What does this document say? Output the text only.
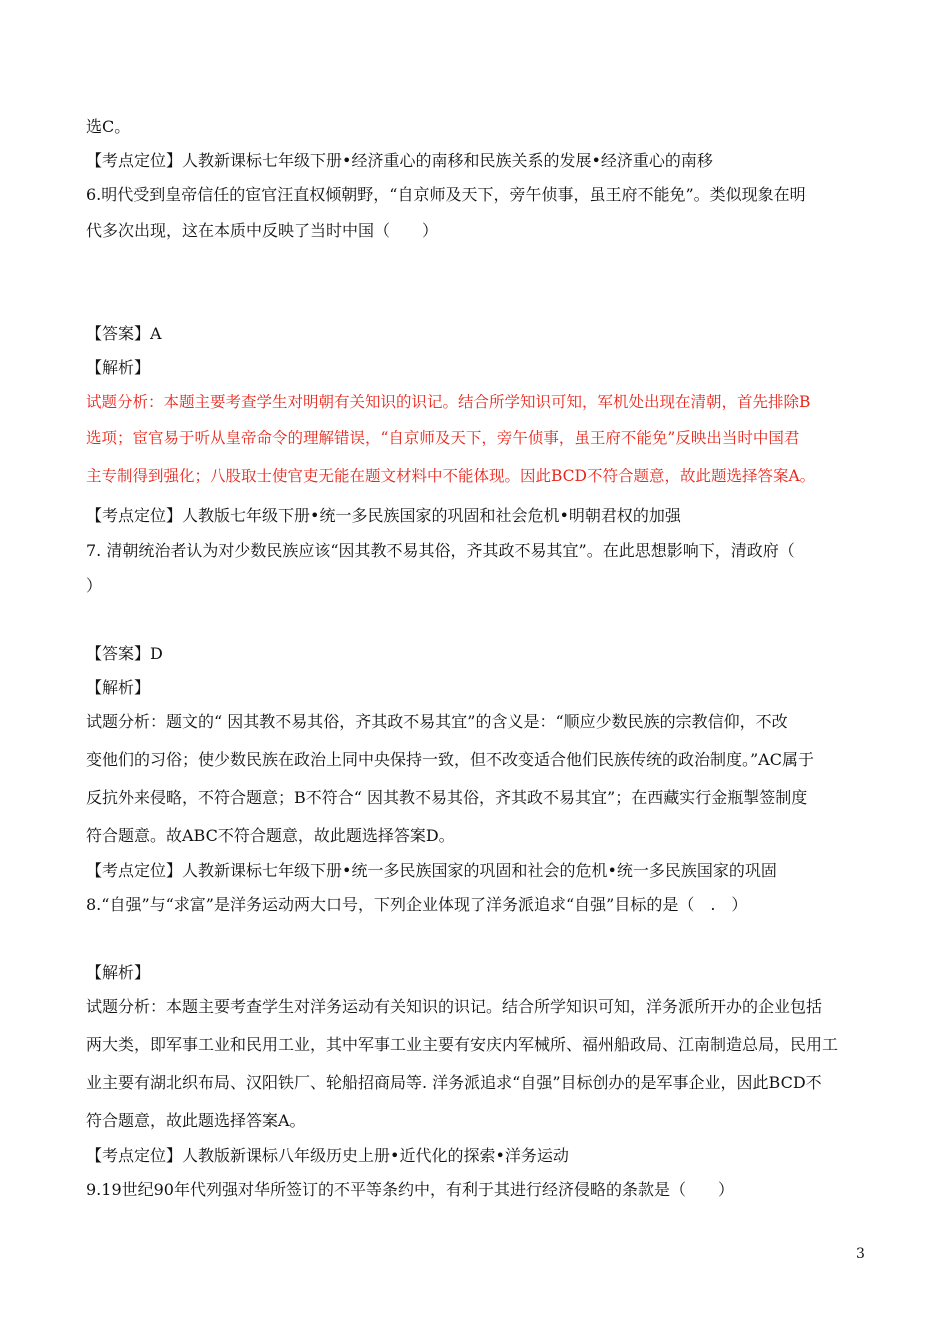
选C。
【考点定位】人教新课标七年级下册•经济重心的南移和民族关系的发展•经济重心的南移
6.明代受到皇帝信任的宦官汪直权倾朝野，“自京师及天下，旁午侦事，虽王府不能免”。类似现象在明
代多次出现，这在本质中反映了当时中国（　　）
【答案】A
【解析】
试题分析：本题主要考查学生对明朝有关知识的识记。结合所学知识可知，军机处出现在清朝，首先排除B
选项；宦官易于听从皇帝命令的理解错误，“自京师及天下，旁午侦事，虽王府不能免”反映出当时中国君
主专制得到强化；八股取士使官吏无能在题文材料中不能体现。因此BCD不符合题意，故此题选择答案A。
【考点定位】人教版七年级下册•统一多民族国家的巩固和社会危机•明朝君权的加强
7. 清朝统治者认为对少数民族应该“因其教不易其俗，齐其政不易其宜”。在此思想影响下，清政府（
）
【答案】D
【解析】
试题分析：题文的“ 因其教不易其俗，齐其政不易其宜”的含义是：“顺应少数民族的宗教信仰，不改
变他们的习俗；使少数民族在政治上同中央保持一致，但不改变适合他们民族传统的政治制度。”AC属于
反抗外来侵略，不符合题意；B不符合“ 因其教不易其俗，齐其政不易其宜”；在西藏实行金瓶掣签制度
符合题意。故ABC不符合题意，故此题选择答案D。
【考点定位】人教新课标七年级下册•统一多民族国家的巩固和社会的危机•统一多民族国家的巩固
8.“自强”与“求富”是洋务运动两大口号，下列企业体现了洋务派追求“自强”目标的是（　.　）
【解析】
试题分析：本题主要考查学生对洋务运动有关知识的识记。结合所学知识可知，洋务派所开办的企业包括
两大类，即军事工业和民用工业，其中军事工业主要有安庆内军械所、福州船政局、江南制造总局，民用工
业主要有湖北织布局、汉阳铁厂、轮船招商局等. 洋务派追求“自强”目标创办的是军事企业，因此BCD不
符合题意，故此题选择答案A。
【考点定位】人教版新课标八年级历史上册•近代化的探索•洋务运动
9.19世纪90年代列强对华所签订的不平等条约中，有利于其进行经济侵略的条款是（　　）
3
